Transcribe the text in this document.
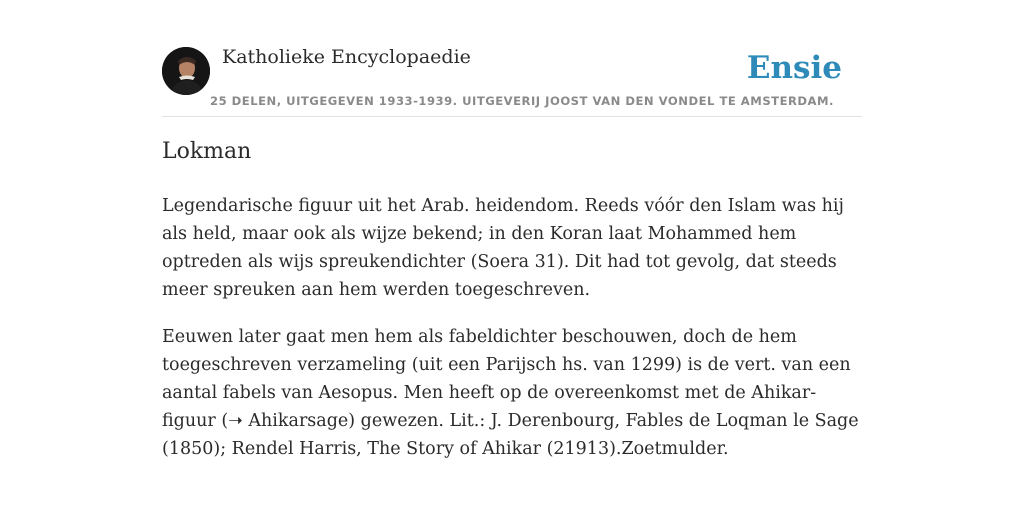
Katholieke Encyclopaedie	Ensie
25 DELEN, UITGEGEVEN 1933-1939. UITGEVERIJ JOOST VAN DEN VONDEL TE AMSTERDAM.
Lokman

Legendarische figuur uit het Arab. heidendom. Reeds vóór den Islam was hij als held, maar ook als wijze bekend; in den Koran laat Mohammed hem optreden als wijs spreukendichter (Soera 31). Dit had tot gevolg, dat steeds meer spreuken aan hem werden toegeschreven.

Eeuwen later gaat men hem als fabeldichter beschouwen, doch de hem toegeschreven verzameling (uit een Parijsch hs. van 1299) is de vert. van een aantal fabels van Aesopus. Men heeft op de overeenkomst met de Ahikar-figuur (➝ Ahikarsage) gewezen. Lit.: J. Derenbourg, Fables de Loqman le Sage (1850); Rendel Harris, The Story of Ahikar (21913).Zoetmulder.
